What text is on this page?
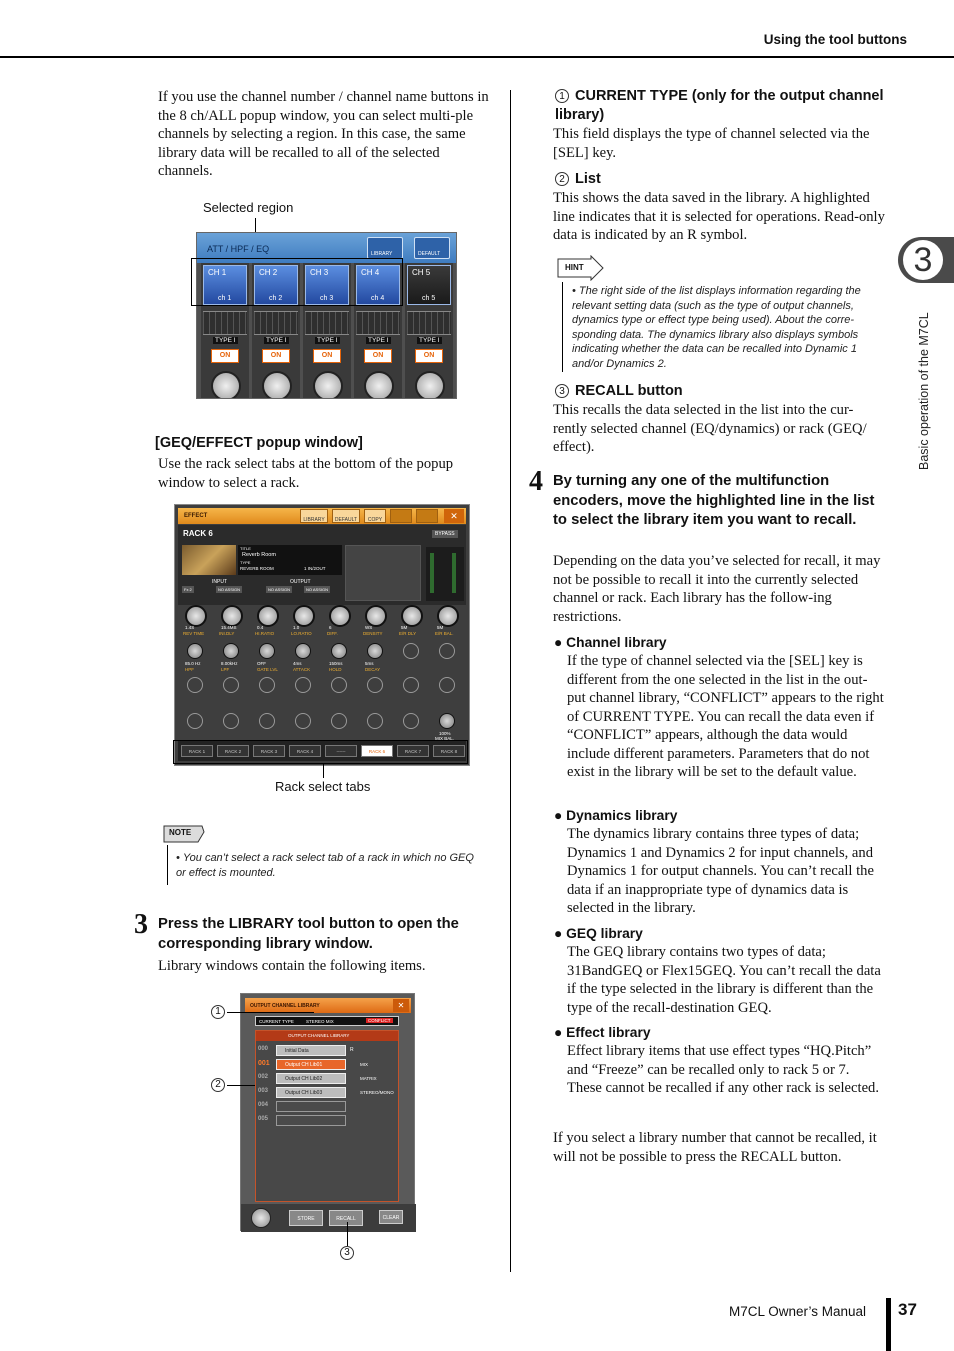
Using the tool buttons
3
Basic operation of the M7CL
If you use the channel number / channel name buttons in the 8 ch/ALL popup window, you can select multi-ple channels by selecting a region. In this case, the same library data will be recalled to all of the selected channels.
Selected region
ATT / HPF / EQ	LIBRARY	DEFAULT
CH 1
ch 1
TYPE I
ON
CH 2
ch 2
TYPE I
ON
CH 3
ch 3
TYPE I
ON
CH 4
ch 4
TYPE I
ON
CH 5
ch 5
TYPE I
ON
[GEQ/EFFECT popup window]
Use the rack select tabs at the bottom of the popup window to select a rack.
EFFECT
LIBRARY	DEFAULT	COPY	✕
RACK 6	BYPASS
TITLE
Reverb Room
TYPE
REVERB ROOM	1 IN/2OUT
INPUT	OUTPUT
Fx 2	NO ASSIGN	NO ASSIGN	NO ASSIGN
RACK 1	RACK 2	RACK 3	RACK 4	------	RACK 6	RACK 7	RACK 8
1.4S
REV TIME
15.4MS
INI.DLY
0.4
HI.RATIO
1.0
LO.RATIO
6
DIFF.
WS
DENSITY
5M
E/R DLY
5M
E/R BAL.
85.0 Hz
HPF
8.00kHz
LPF
OFF
GATE LVL
4ms
ATTACK
150ms
HOLD
5ms
DECAY
100%
MIX BAL.
Rack select tabs
NOTE
• You can’t select a rack select tab of a rack in which no GEQ or effect is mounted.
3 Press the LIBRARY tool button to open the corresponding library window.
Library windows contain the following items.
OUTPUT CHANNEL LIBRARY	✕
CURRENT TYPE	STEREO MIX	CONFLICT
OUTPUT CHANNEL LIBRARY
000	Initial Data	R
001	Output CH Lib01	MIX
002	Output CH Lib02	MATRIX
003	Output CH Lib03	STEREO/MONO
004
005
STORE	RECALL	CLEAR
1
2
3
1 CURRENT TYPE (only for the output channel library)
This field displays the type of channel selected via the [SEL] key.
2 List
This shows the data saved in the library. A highlighted line indicates that it is selected for operations. Read-only data is indicated by an R symbol.
HINT
• The right side of the list displays information regarding the relevant setting data (such as the type of output channels, dynamics type or effect type being used). About the corre-sponding data. The dynamics library also displays symbols indicating whether the data can be recalled into Dynamic 1 and/or Dynamics 2.
3 RECALL button
This recalls the data selected in the list into the cur-rently selected channel (EQ/dynamics) or rack (GEQ/ effect).
4 By turning any one of the multifunction encoders, move the highlighted line in the list to select the library item you want to recall.
Depending on the data you’ve selected for recall, it may not be possible to recall it into the currently selected channel or rack. Each library has the follow-ing restrictions.
● Channel library
If the type of channel selected via the [SEL] key is different from the one selected in the list in the out-put channel library, “CONFLICT” appears to the right of CURRENT TYPE. You can recall the data even if “CONFLICT” appears, although the data would include different parameters. Parameters that do not exist in the library will be set to the default value.
● Dynamics library
The dynamics library contains three types of data; Dynamics 1 and Dynamics 2 for input channels, and Dynamics 1 for output channels. You can’t recall the data if an inappropriate type of dynamics data is selected in the library.
● GEQ library
The GEQ library contains two types of data; 31BandGEQ or Flex15GEQ. You can’t recall the data if the type selected in the library is different than the type of the recall-destination GEQ.
● Effect library
Effect library items that use effect types “HQ.Pitch” and “Freeze” can be recalled only to rack 5 or 7. These cannot be recalled if any other rack is selected.
If you select a library number that cannot be recalled, it will not be possible to press the RECALL button.
M7CL Owner’s Manual 37
